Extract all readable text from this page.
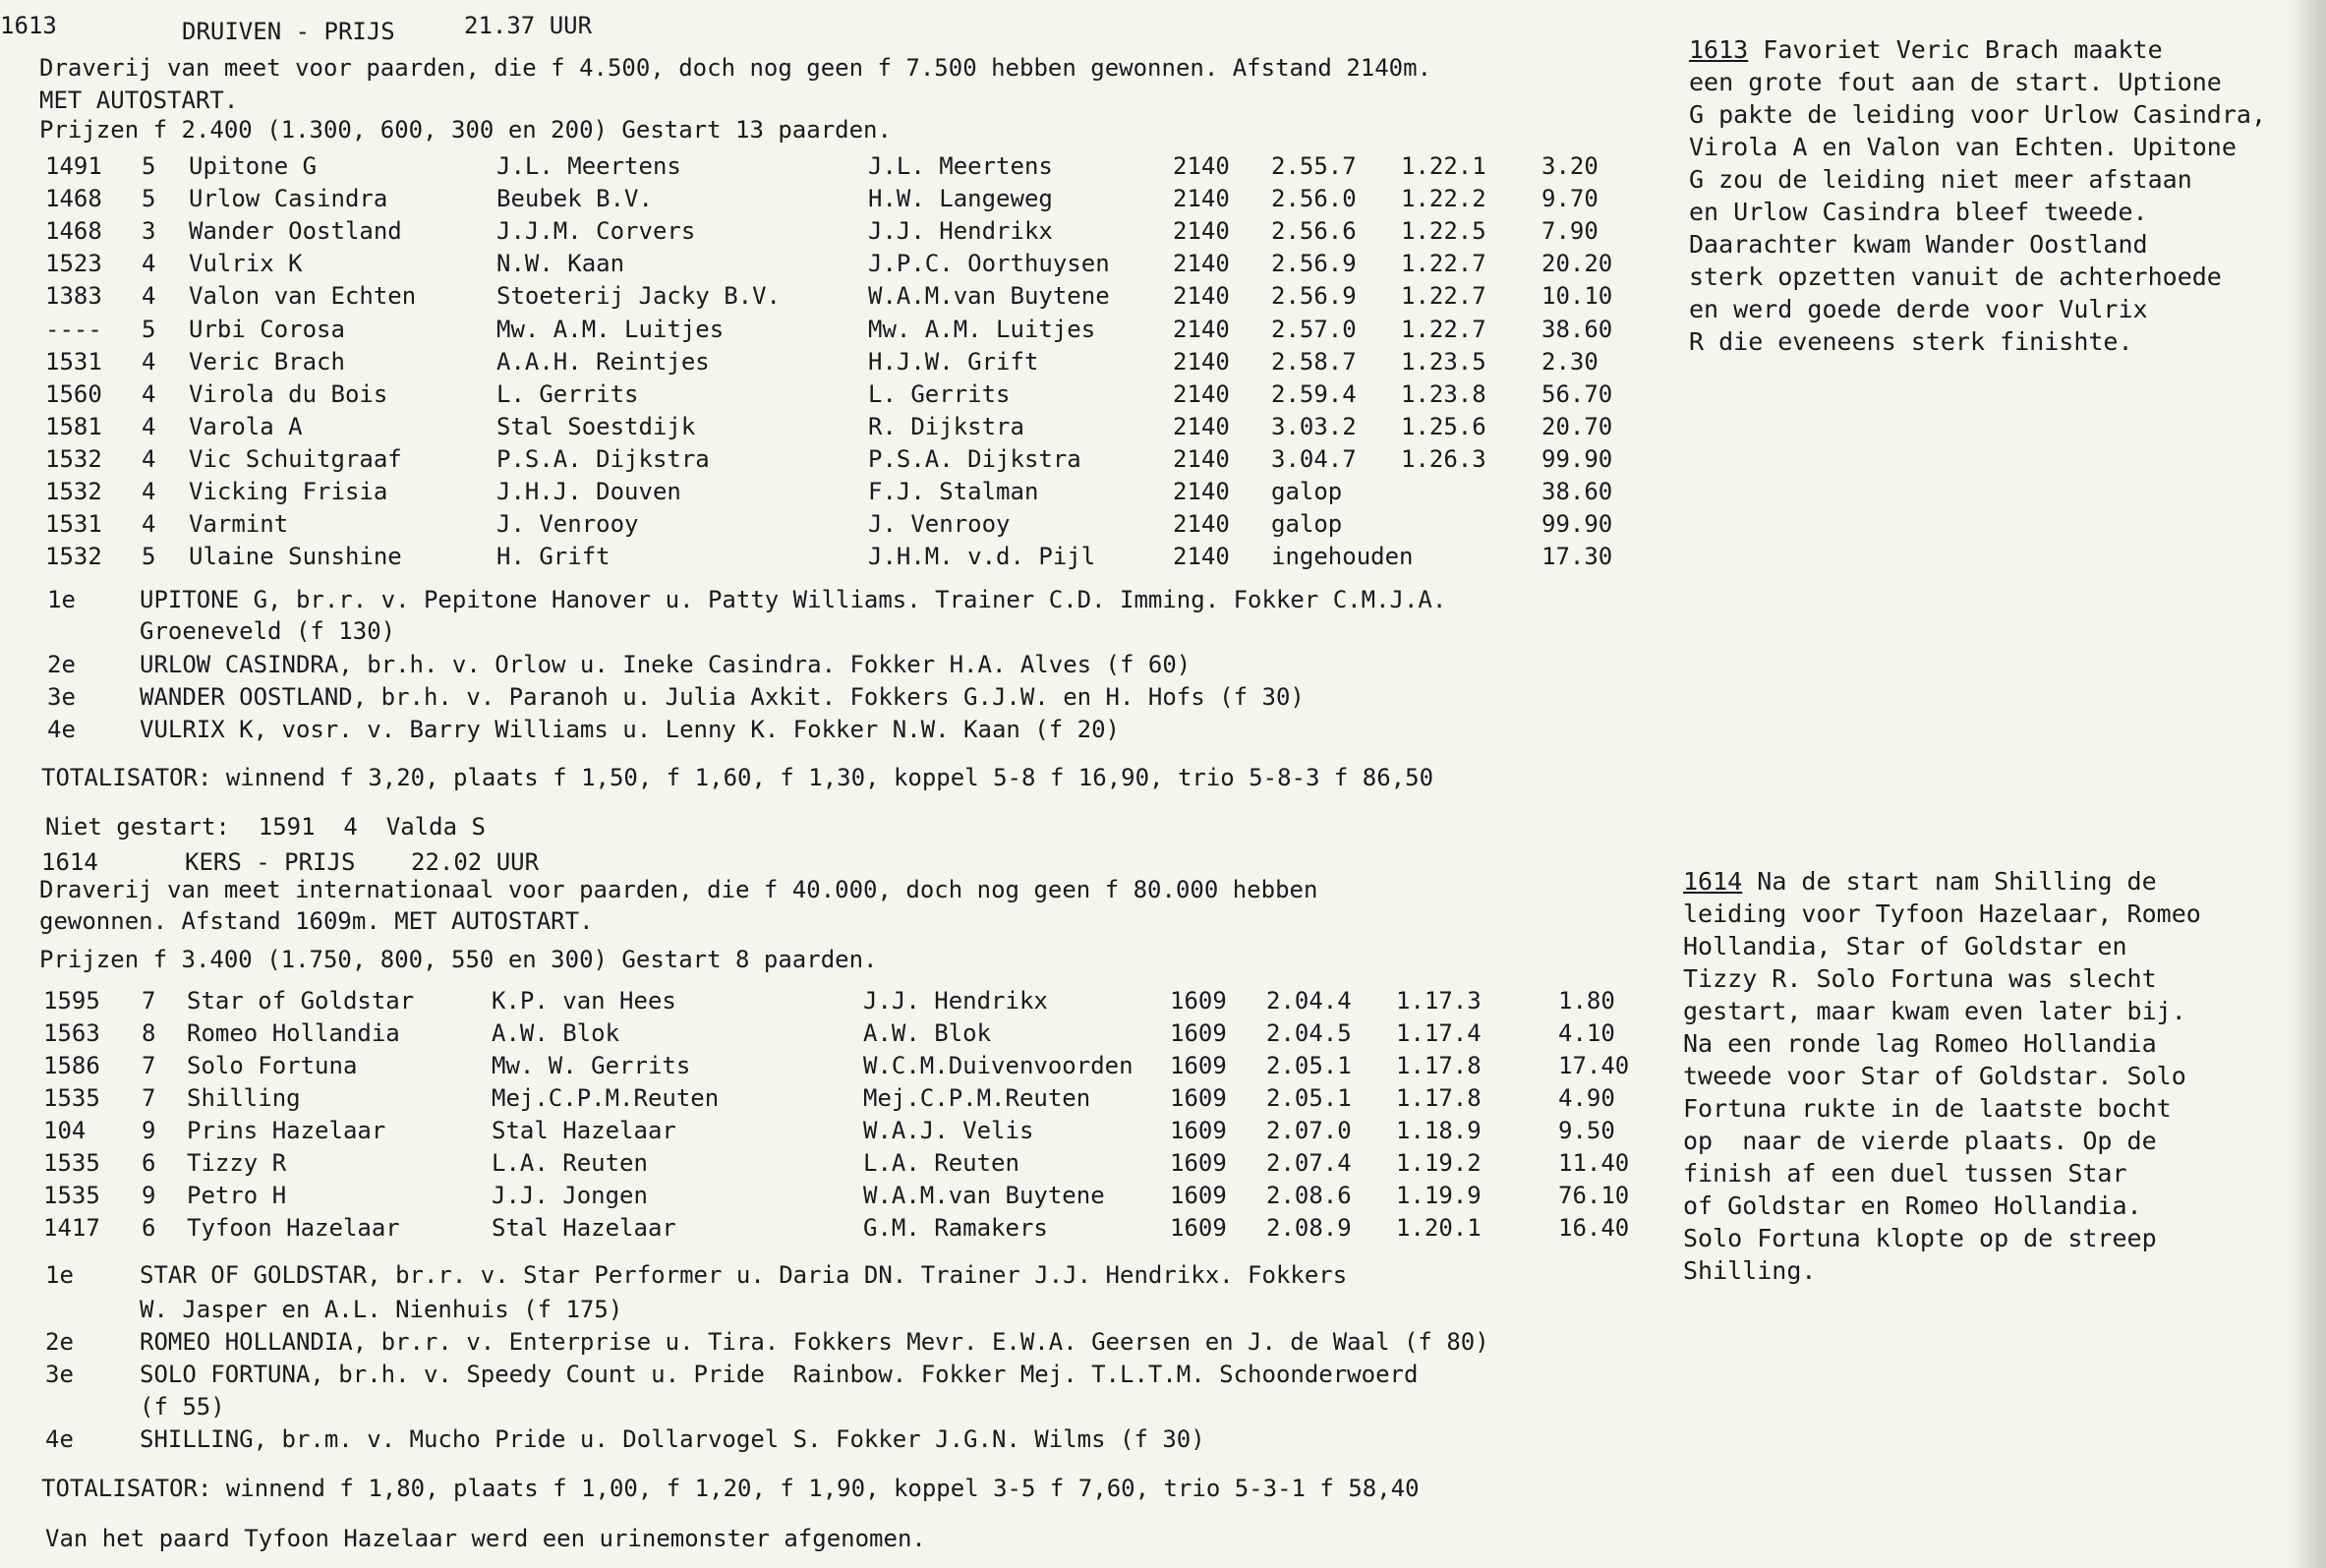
1613	DRUIVEN - PRIJS	21.37 UUR
Draverij van meet voor paarden, die f 4.500, doch nog geen f 7.500 hebben gewonnen. Afstand 2140m.
MET AUTOSTART.
Prijzen f 2.400 (1.300, 600, 300 en 200) Gestart 13 paarden.
1491 5 Upitone G	J.L. Meertens	J.L. Meertens	2140 2.55.7 1.22.1 3.20
1468 5 Urlow Casindra	Beubek B.V.	H.W. Langeweg	2140 2.56.0 1.22.2 9.70
1468 3 Wander Oostland	J.J.M. Corvers	J.J. Hendrikx	2140 2.56.6 1.22.5 7.90
1523 4 Vulrix K	N.W. Kaan	J.P.C. Oorthuysen	2140 2.56.9 1.22.7 20.20
1383 4 Valon van Echten	Stoeterij Jacky B.V.	W.A.M.van Buytene	2140 2.56.9 1.22.7 10.10
---- 5 Urbi Corosa	Mw. A.M. Luitjes	Mw. A.M. Luitjes	2140 2.57.0 1.22.7 38.60
1531 4 Veric Brach	A.A.H. Reintjes	H.J.W. Grift	2140 2.58.7 1.23.5 2.30
1560 4 Virola du Bois	L. Gerrits	L. Gerrits	2140 2.59.4 1.23.8 56.70
1581 4 Varola A	Stal Soestdijk	R. Dijkstra	2140 3.03.2 1.25.6 20.70
1532 4 Vic Schuitgraaf	P.S.A. Dijkstra	P.S.A. Dijkstra	2140 3.04.7 1.26.3 99.90
1532 4 Vicking Frisia	J.H.J. Douven	F.J. Stalman	2140 galop	38.60
1531 4 Varmint	J. Venrooy	J. Venrooy	2140 galop	99.90
1532 5 Ulaine Sunshine	H. Grift	J.H.M. v.d. Pijl	2140 ingehouden	17.30
1e	UPITONE G, br.r. v. Pepitone Hanover u. Patty Williams. Trainer C.D. Imming. Fokker C.M.J.A.
Groeneveld (f 130)
2e	URLOW CASINDRA, br.h. v. Orlow u. Ineke Casindra. Fokker H.A. Alves (f 60)
3e	WANDER OOSTLAND, br.h. v. Paranoh u. Julia Axkit. Fokkers G.J.W. en H. Hofs (f 30)
4e	VULRIX K, vosr. v. Barry Williams u. Lenny K. Fokker N.W. Kaan (f 20)
TOTALISATOR: winnend f 3,20, plaats f 1,50, f 1,60, f 1,30, koppel 5-8 f 16,90, trio 5-8-3 f 86,50
Niet gestart:  1591  4  Valda S
1613 Favoriet Veric Brach maakte
een grote fout aan de start. Uptione
G pakte de leiding voor Urlow Casindra,
Virola A en Valon van Echten. Upitone
G zou de leiding niet meer afstaan
en Urlow Casindra bleef tweede.
Daarachter kwam Wander Oostland
sterk opzetten vanuit de achterhoede
en werd goede derde voor Vulrix
R die eveneens sterk finishte.
1614	KERS - PRIJS 22.02 UUR
Draverij van meet internationaal voor paarden, die f 40.000, doch nog geen f 80.000 hebben
gewonnen. Afstand 1609m. MET AUTOSTART.
Prijzen f 3.400 (1.750, 800, 550 en 300) Gestart 8 paarden.
1595 7 Star of Goldstar	K.P. van Hees	J.J. Hendrikx	1609 2.04.4 1.17.3	1.80
1563 8 Romeo Hollandia	A.W. Blok	A.W. Blok	1609 2.04.5 1.17.4	4.10
1586 7 Solo Fortuna	Mw. W. Gerrits	W.C.M.Duivenvoorden 1609 2.05.1 1.17.8	17.40
1535 7 Shilling	Mej.C.P.M.Reuten	Mej.C.P.M.Reuten	1609 2.05.1 1.17.8	4.90
104 9 Prins Hazelaar	Stal Hazelaar	W.A.J. Velis	1609 2.07.0 1.18.9	9.50
1535 6 Tizzy R	L.A. Reuten	L.A. Reuten	1609 2.07.4 1.19.2	11.40
1535 9 Petro H	J.J. Jongen	W.A.M.van Buytene	1609 2.08.6 1.19.9	76.10
1417 6 Tyfoon Hazelaar	Stal Hazelaar	G.M. Ramakers	1609 2.08.9 1.20.1	16.40
1e	STAR OF GOLDSTAR, br.r. v. Star Performer u. Daria DN. Trainer J.J. Hendrikx. Fokkers
W. Jasper en A.L. Nienhuis (f 175)
2e	ROMEO HOLLANDIA, br.r. v. Enterprise u. Tira. Fokkers Mevr. E.W.A. Geersen en J. de Waal (f 80)
3e	SOLO FORTUNA, br.h. v. Speedy Count u. Pride  Rainbow. Fokker Mej. T.L.T.M. Schoonderwoerd
(f 55)
4e	SHILLING, br.m. v. Mucho Pride u. Dollarvogel S. Fokker J.G.N. Wilms (f 30)
TOTALISATOR: winnend f 1,80, plaats f 1,00, f 1,20, f 1,90, koppel 3-5 f 7,60, trio 5-3-1 f 58,40
Van het paard Tyfoon Hazelaar werd een urinemonster afgenomen.
1614 Na de start nam Shilling de
leiding voor Tyfoon Hazelaar, Romeo
Hollandia, Star of Goldstar en
Tizzy R. Solo Fortuna was slecht
gestart, maar kwam even later bij.
Na een ronde lag Romeo Hollandia
tweede voor Star of Goldstar. Solo
Fortuna rukte in de laatste bocht
op  naar de vierde plaats. Op de
finish af een duel tussen Star
of Goldstar en Romeo Hollandia.
Solo Fortuna klopte op de streep
Shilling.
